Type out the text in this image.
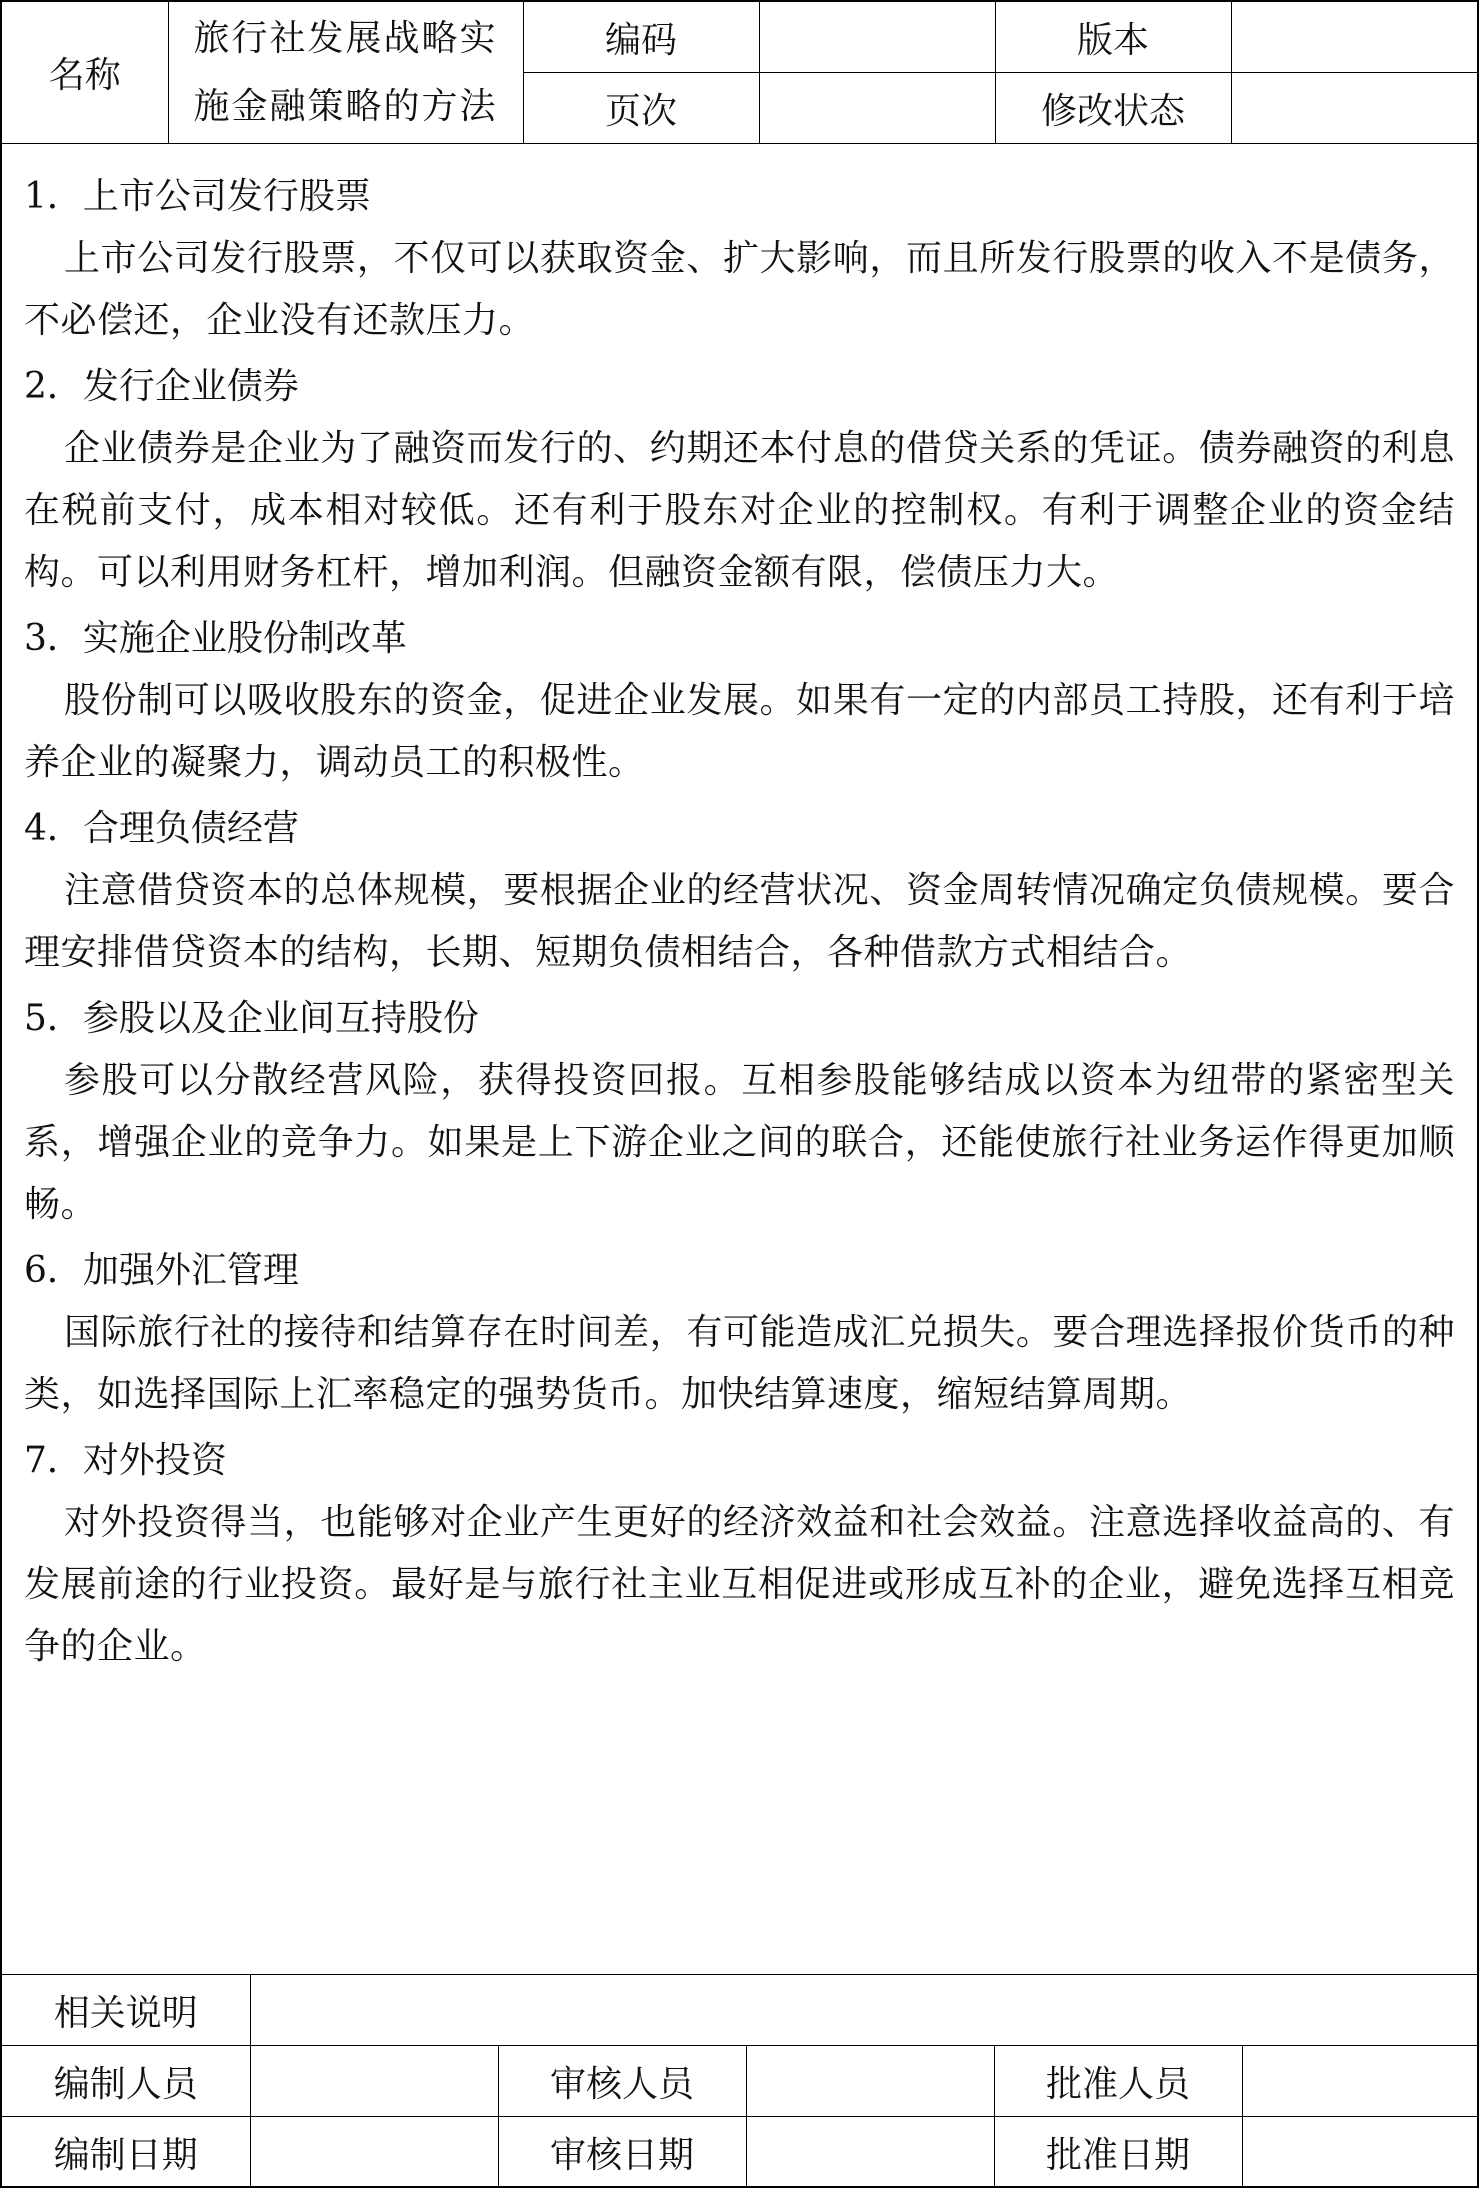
名称	旅行社发展战略实
施金融策略的方法	编码		版本	
		页次		修改状态	
1．上市公司发行股票
上市公司发行股票，不仅可以获取资金、扩大影响，而且所发行股票的收入不是债务，不必偿还，企业没有还款压力。
2．发行企业债券
企业债券是企业为了融资而发行的、约期还本付息的借贷关系的凭证。债券融资的利息在税前支付，成本相对较低。还有利于股东对企业的控制权。有利于调整企业的资金结构。可以利用财务杠杆，增加利润。但融资金额有限，偿债压力大。
3．实施企业股份制改革
股份制可以吸收股东的资金，促进企业发展。如果有一定的内部员工持股，还有利于培养企业的凝聚力，调动员工的积极性。
4．合理负债经营
注意借贷资本的总体规模，要根据企业的经营状况、资金周转情况确定负债规模。要合理安排借贷资本的结构，长期、短期负债相结合，各种借款方式相结合。
5．参股以及企业间互持股份
参股可以分散经营风险，获得投资回报。互相参股能够结成以资本为纽带的紧密型关系，增强企业的竞争力。如果是上下游企业之间的联合，还能使旅行社业务运作得更加顺畅。
6．加强外汇管理
国际旅行社的接待和结算存在时间差，有可能造成汇兑损失。要合理选择报价货币的种类，如选择国际上汇率稳定的强势货币。加快结算速度，缩短结算周期。
7．对外投资
对外投资得当，也能够对企业产生更好的经济效益和社会效益。注意选择收益高的、有发展前途的行业投资。最好是与旅行社主业互相促进或形成互补的企业，避免选择互相竞争的企业。
相关说明					
编制人员		审核人员		批准人员	
编制日期		审核日期		批准日期	
